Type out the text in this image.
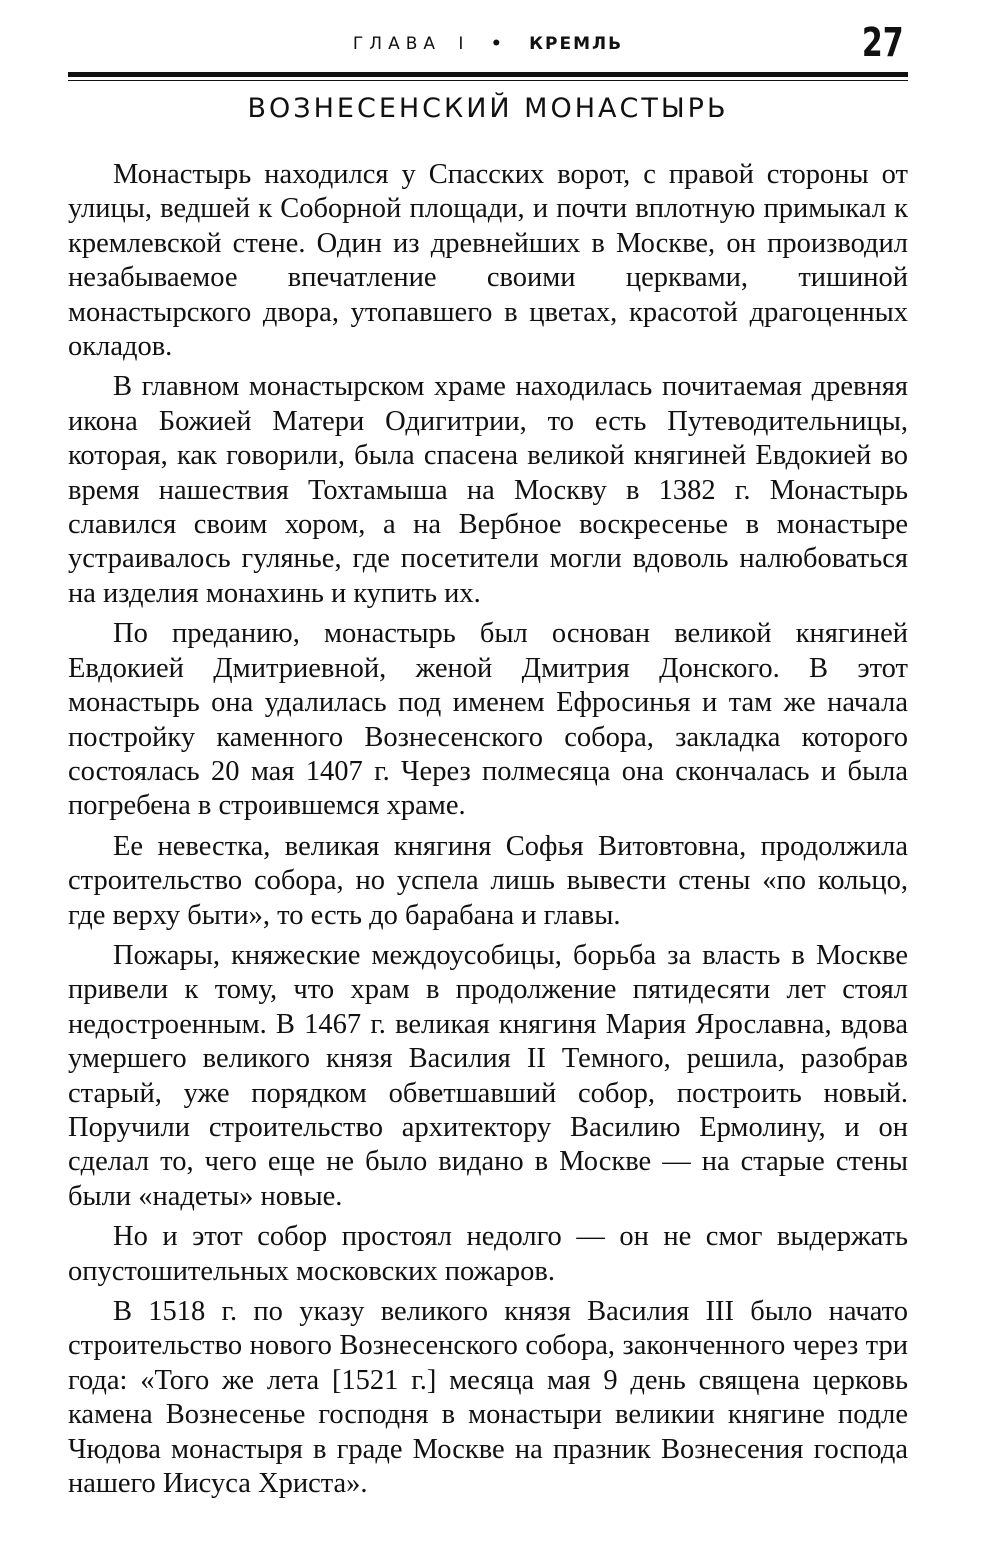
ГЛАВА I • КРЕМЛЬ	27
ВОЗНЕСЕНСКИЙ МОНАСТЫРЬ

Монастырь находился у Спасских ворот, с правой стороны от улицы, ведшей к Соборной площади, и почти вплотную примыкал к кремлевской стене. Один из древнейших в Москве, он производил незабываемое впечатление своими церквами, тишиной монастырского двора, утопавшего в цветах, красотой драгоценных окладов.

В главном монастырском храме находилась почитаемая древняя икона Божией Матери Одигитрии, то есть Путеводительницы, которая, как говорили, была спасена великой княгиней Евдокией во время нашествия Тохтамыша на Москву в 1382 г. Монастырь славился своим хором, а на Вербное воскресенье в монастыре устраивалось гулянье, где посетители могли вдоволь налюбоваться на изделия монахинь и купить их.

По преданию, монастырь был основан великой княгиней Евдокией Дмитриевной, женой Дмитрия Донского. В этот монастырь она удалилась под именем Ефросинья и там же начала постройку каменного Вознесенского собора, закладка которого состоялась 20 мая 1407 г. Через полмесяца она скончалась и была погребена в строившемся храме.

Ее невестка, великая княгиня Софья Витовтовна, продолжила строительство собора, но успела лишь вывести стены «по кольцо, где верху быти», то есть до барабана и главы.

Пожары, княжеские междоусобицы, борьба за власть в Москве привели к тому, что храм в продолжение пятидесяти лет стоял недостроенным. В 1467 г. великая княгиня Мария Ярославна, вдова умершего великого князя Василия II Темного, решила, разобрав старый, уже порядком обветшавший собор, построить новый. Поручили строительство архитектору Василию Ермолину, и он сделал то, чего еще не было видано в Москве — на старые стены были «надеты» новые.

Но и этот собор простоял недолго — он не смог выдержать опустошительных московских пожаров.

В 1518 г. по указу великого князя Василия III было начато строительство нового Вознесенского собора, законченного через три года: «Того же лета [1521 г.] месяца мая 9 день священа церковь камена Вознесенье господня в монастыри великии княгине подле Чюдова монастыря в граде Москве на празник Вознесения господа нашего Иисуса Христа».
